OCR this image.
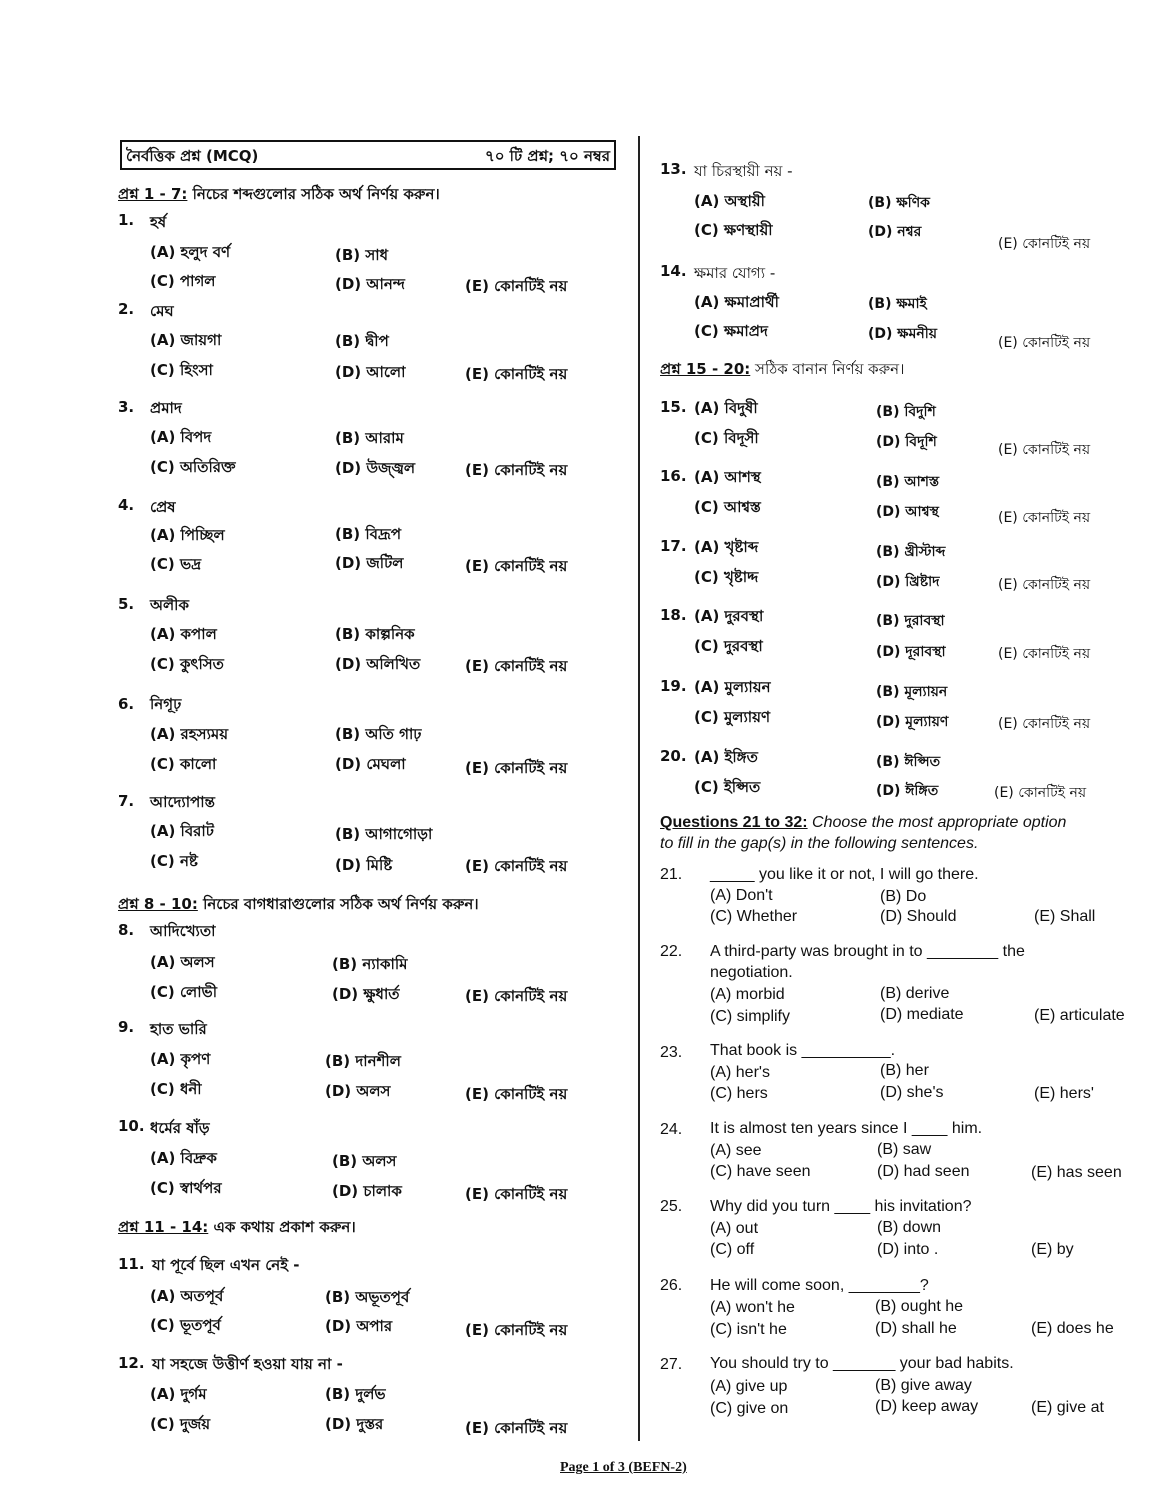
নৈর্বত্তিক প্রশ্ন (MCQ)	৭০ টি প্রশ্ন; ৭০ নম্বর
প্রশ্ন 1 - 7: নিচের শব্দগুলোর সঠিক অর্থ নির্ণয় করুন।
1. হর্ষ
(A) হলুদ বর্ণ	(B) সাধ
(C) পাগল	(D) আনন্দ	(E) কোনটিই নয়
2. মেঘ
(A) জায়গা	(B) দ্বীপ
(C) হিংসা	(D) আলো	(E) কোনটিই নয়
3. প্রমাদ
(A) বিপদ	(B) আরাম
(C) অতিরিক্ত	(D) উজ্জ্বল	(E) কোনটিই নয়
4. প্রেষ
(A) পিচ্ছিল	(B) বিদ্রূপ
(C) ভদ্র	(D) জটিল	(E) কোনটিই নয়
5. অলীক
(A) কপাল	(B) কাল্পনিক
(C) কুৎসিত	(D) অলিখিত	(E) কোনটিই নয়
6. নিগূঢ়
(A) রহস্যময়	(B) অতি গাঢ়
(C) কালো	(D) মেঘলা	(E) কোনটিই নয়
7. আদ্যোপান্ত
(A) বিরাট	(B) আগাগোড়া
(C) নষ্ট	(D) মিষ্টি	(E) কোনটিই নয়
প্রশ্ন 8 - 10: নিচের বাগধারাগুলোর সঠিক অর্থ নির্ণয় করুন।
8. আদিখ্যেতা
(A) অলস	(B) ন্যাকামি
(C) লোভী	(D) ক্ষুধার্ত	(E) কোনটিই নয়
9. হাত ভারি
(A) কৃপণ	(B) দানশীল
(C) ধনী	(D) অলস	(E) কোনটিই নয়
10. ধর্মের ষাঁড়
(A) বিদ্রুক	(B) অলস
(C) স্বার্থপর	(D) চালাক	(E) কোনটিই নয়
প্রশ্ন 11 - 14: এক কথায় প্রকাশ করুন।
11. যা পূর্বে ছিল এখন নেই -
(A) অতপূর্ব	(B) অভূতপূর্ব
(C) ভূতপূর্ব	(D) অপার	(E) কোনটিই নয়
12. যা সহজে উত্তীর্ণ হওয়া যায় না -
(A) দুর্গম	(B) দুর্লভ
(C) দুর্জয়	(D) দুস্তর	(E) কোনটিই নয়
13. যা চিরস্থায়ী নয় -
(A) অস্থায়ী	(B) ক্ষণিক
(C) ক্ষণস্থায়ী	(D) নশ্বর
(E) কোনটিই নয়
14. ক্ষমার যোগ্য -
(A) ক্ষমাপ্রার্থী	(B) ক্ষমাই
(C) ক্ষমাপ্রদ	(D) ক্ষমনীয়
(E) কোনটিই নয়
প্রশ্ন 15 - 20: সঠিক বানান নির্ণয় করুন।
15. (A) বিদুষী	(B) বিদুশি
(C) বিদূসী	(D) বিদূশি	(E) কোনটিই নয়
16. (A) আশস্থ	(B) আশস্ত
(C) আশ্বস্ত	(D) আশ্বস্থ	(E) কোনটিই নয়
17. (A) খৃষ্টাব্দ	(B) খ্রীস্টাব্দ
(C) খৃষ্টাদ্দ	(D) খ্রিষ্টাদ	(E) কোনটিই নয়
18. (A) দুরবস্থা	(B) দুরাবস্থা
(C) দুরবস্থা	(D) দূরাবস্থা	(E) কোনটিই নয়
19. (A) মুল্যায়ন	(B) মূল্যায়ন
(C) মুল্যায়ণ	(D) মূল্যায়ণ	(E) কোনটিই নয়
20. (A) ইঙ্গিত	(B) ঈপ্সিত
(C) ইপ্সিত	(D) ঈঙ্গিত	(E) কোনটিই নয়
Questions 21 to 32: Choose the most appropriate option
to fill in the gap(s) in the following sentences.
21. _____ you like it or not, I will go there.
(A) Don't	(B) Do
(C) Whether	(D) Should	(E) Shall
22. A third-party was brought in to ________ the
negotiation.
(A) morbid	(B) derive
(C) simplify	(D) mediate	(E) articulate
23. That book is __________.
(A) her's	(B) her
(C) hers	(D) she's	(E) hers'
24. It is almost ten years since I ____ him.
(A) see	(B) saw
(C) have seen	(D) had seen	(E) has seen
25. Why did you turn ____ his invitation?
(A) out	(B) down
(C) off	(D) into .	(E) by
26. He will come soon, ________?
(A) won't he	(B) ought he
(C) isn't he	(D) shall he	(E) does he
27. You should try to _______ your bad habits.
(A) give up	(B) give away
(C) give on	(D) keep away	(E) give at
Page 1 of 3 (BEFN-2)
